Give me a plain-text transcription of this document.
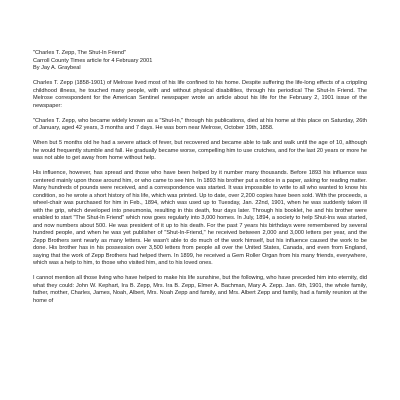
"Charles T. Zepp, The Shut-In Friend"

Carroll County Times article for 4 February 2001

By Jay A. Graybeal

Charles T. Zepp (1858-1901) of Melrose lived most of his life confined to his home. Despite suffering the life-long effects of a crippling childhood illness, he touched many people, with and without physical disabilities, through his periodical The Shut-In Friend. The Melrose correspondent for the American Sentinel newspaper wrote an article about his life for the February 2, 1901 issue of the newspaper:

"Charles T. Zepp, who became widely known as a "Shut-In," through his publications, died at his home at this place on Saturday, 26th of January, aged 42 years, 3 months and 7 days. He was born near Melrose, October 19th, 1858.

When but 5 months old he had a severe attack of fever, but recovered and became able to talk and walk until the age of 10, although he would frequently stumble and fall. He gradually became worse, compelling him to use crutches, and for the last 20 years or more he was not able to get away from home without help.

His influence, however, has spread and those who have been helped by it number many thousands. Before 1893 his influence was centered mainly upon those around him, or who came to see him. In 1893 his brother put a notice in a paper, asking for reading matter. Many hundreds of pounds were received, and a correspondence was started. It was impossible to write to all who wanted to know his condition, so he wrote a short history of his life, which was printed. Up to date, over 2,200 copies have been sold. With the proceeds, a wheel-chair was purchased for him in Feb., 1894, which was used up to Tuesday, Jan. 22nd, 1901, when he was suddenly taken ill with the grip, which developed into pneumonia, resulting in this death, four days later. Through his booklet, he and his brother were enabled to start "The Shut-In Friend" which now goes regularly into 3,000 homes. In July, 1894, a society to help Shut-Ins was started, and now numbers about 500. He was president of it up to his death. For the past 7 years his birthdays were remembered by several hundred people, and when he was yet publisher of "Shut-In-Friend," he received between 2,000 and 3,000 letters per year, and the Zepp Brothers sent nearly as many letters. He wasn't able to do much of the work himself, but his influence caused the work to be done. His brother has in his possession over 3,500 letters from people all over the United States, Canada, and even from England, saying that the work of Zepp Brothers had helped them. In 1899, he received a Gem Roller Organ from his many friends, everywhere, which was a help to him, to those who visited him, and to his loved ones.

I cannot mention all those living who have helped to make his life sunshine, but the following, who have preceded him into eternity, did what they could: John W. Kephart, Ira B. Zepp, Mrs. Ira B. Zepp, Elmer A. Bachman, Mary A. Zepp. Jan. 6th, 1901, the whole family, father, mother, Charles, James, Noah, Albert, Mrs. Noah Zepp and family, and Mrs. Albert Zepp and family, had a family reunion at the home of
